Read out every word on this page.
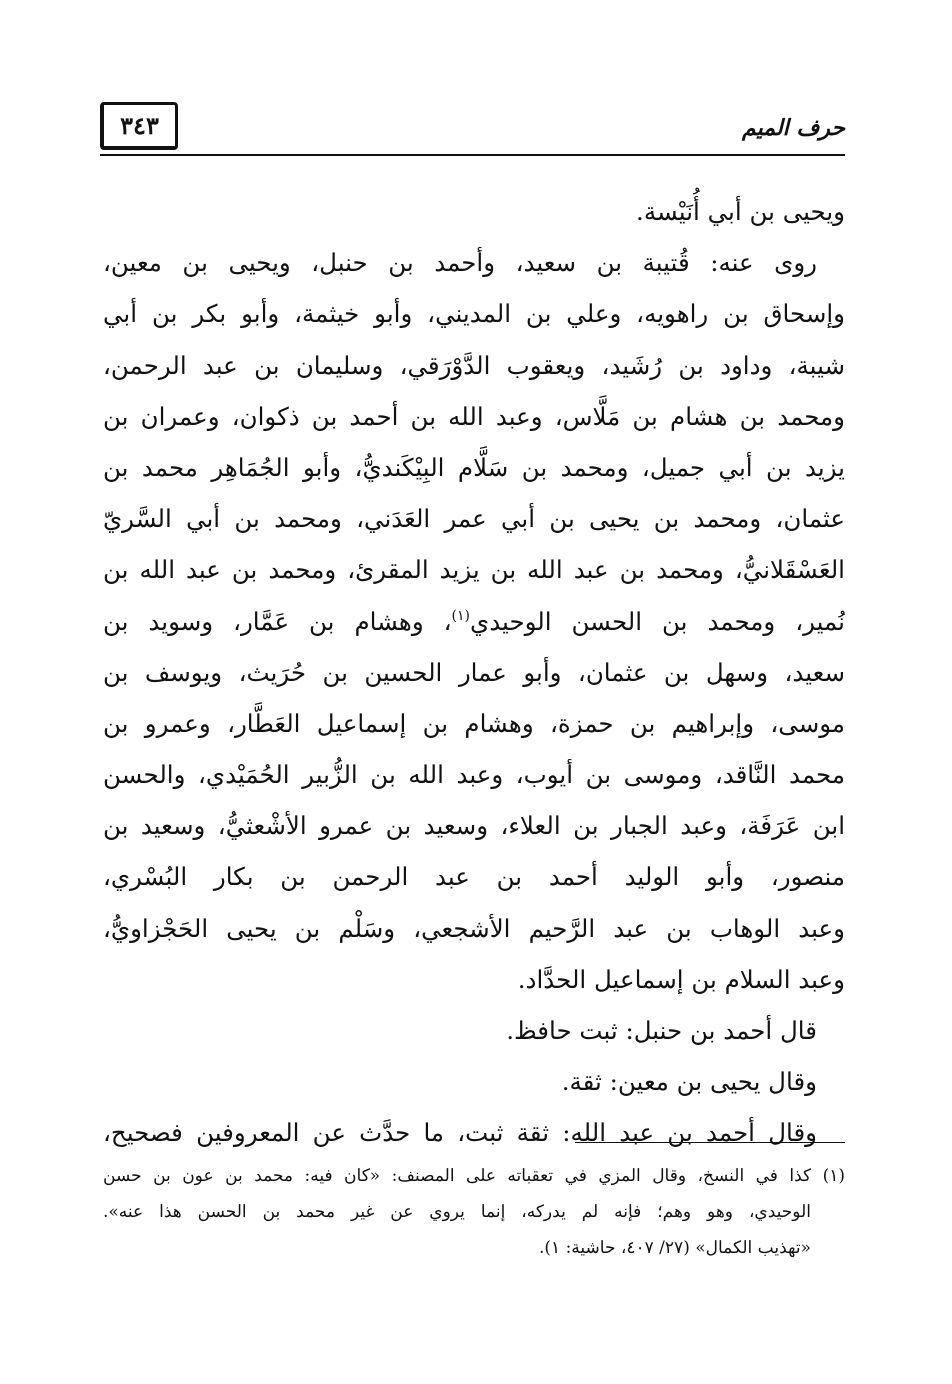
حرف الميم
٣٤٣
ويحيى بن أبي أُنَيْسة.
روى عنه: قُتيبة بن سعيد، وأحمد بن حنبل، ويحيى بن معين،
وإسحاق بن راهويه، وعلي بن المديني، وأبو خيثمة، وأبو بكر بن أبي
شيبة، وداود بن رُشَيد، ويعقوب الدَّوْرَقي، وسليمان بن عبد الرحمن،
ومحمد بن هشام بن مَلَّاس، وعبد الله بن أحمد بن ذكوان، وعمران بن
يزيد بن أبي جميل، ومحمد بن سَلَّام البِيْكَنديُّ، وأبو الجُمَاهِر محمد بن
عثمان، ومحمد بن يحيى بن أبي عمر العَدَني، ومحمد بن أبي السَّريّ
العَسْقَلانيُّ، ومحمد بن عبد الله بن يزيد المقرئ، ومحمد بن عبد الله بن
نُمير، ومحمد بن الحسن الوحيدي$^{(١)}$، وهشام بن عَمَّار، وسويد بن
سعيد، وسهل بن عثمان، وأبو عمار الحسين بن حُرَيث، ويوسف بن
موسى، وإبراهيم بن حمزة، وهشام بن إسماعيل العَطَّار، وعمرو بن
محمد النَّاقد، وموسى بن أيوب، وعبد الله بن الزُّبير الحُمَيْدي، والحسن
ابن عَرَفَة، وعبد الجبار بن العلاء، وسعيد بن عمرو الأشْعثيُّ، وسعيد بن
منصور، وأبو الوليد أحمد بن عبد الرحمن بن بكار البُسْري،
وعبد الوهاب بن عبد الرَّحيم الأشجعي، وسَلْم بن يحيى الحَجْزاويُّ،
وعبد السلام بن إسماعيل الحدَّاد.
قال أحمد بن حنبل: ثبت حافظ.
وقال يحيى بن معين: ثقة.
وقال أحمد بن عبد الله: ثقة ثبت، ما حدَّث عن المعروفين فصحيح،
(١) كذا في النسخ، وقال المزي في تعقباته على المصنف: «كان فيه: محمد بن عون بن حسن
الوحيدي، وهو وهم؛ فإنه لم يدركه، إنما يروي عن غير محمد بن الحسن هذا عنه».
«تهذيب الكمال» (٢٧/ ٤٠٧، حاشية: ١).
